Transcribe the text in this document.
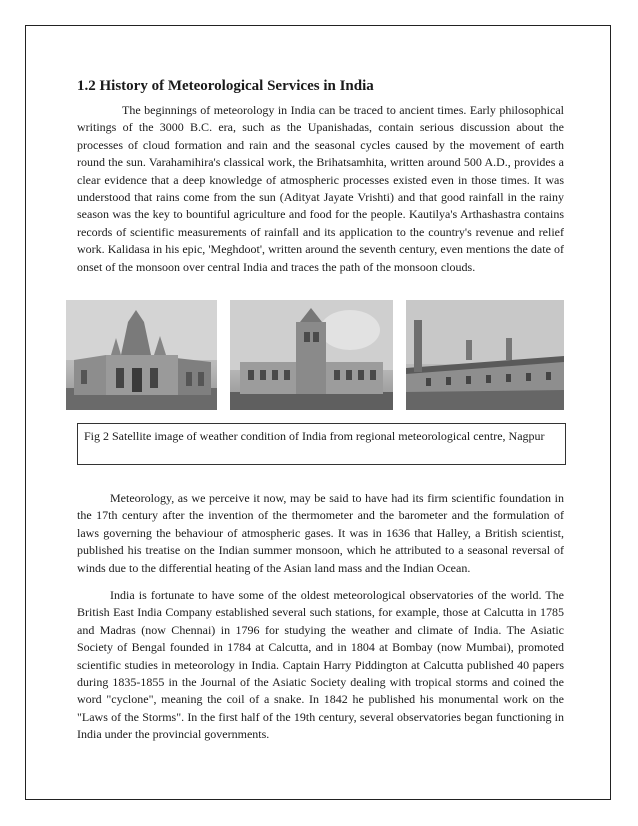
1.2 History of Meteorological Services in India

The beginnings of meteorology in India can be traced to ancient times. Early philosophical writings of the 3000 B.C. era, such as the Upanishadas, contain serious discussion about the processes of cloud formation and rain and the seasonal cycles caused by the movement of earth round the sun. Varahamihira's classical work, the Brihatsamhita, written around 500 A.D., provides a clear evidence that a deep knowledge of atmospheric processes existed even in those times. It was understood that rains come from the sun (Adityat Jayate Vrishti) and that good rainfall in the rainy season was the key to bountiful agriculture and food for the people. Kautilya's Arthashastra contains records of scientific measurements of rainfall and its application to the country's revenue and relief work. Kalidasa in his epic, 'Meghdoot', written around the seventh century, even mentions the date of onset of the monsoon over central India and traces the path of the monsoon clouds.

Fig 2 Satellite image of weather condition of India from regional meteorological centre, Nagpur

Meteorology, as we perceive it now, may be said to have had its firm scientific foundation in the 17th century after the invention of the thermometer and the barometer and the formulation of laws governing the behaviour of atmospheric gases. It was in 1636 that Halley, a British scientist, published his treatise on the Indian summer monsoon, which he attributed to a seasonal reversal of winds due to the differential heating of the Asian land mass and the Indian Ocean.

India is fortunate to have some of the oldest meteorological observatories of the world. The British East India Company established several such stations, for example, those at Calcutta in 1785 and Madras (now Chennai) in 1796 for studying the weather and climate of India. The Asiatic Society of Bengal founded in 1784 at Calcutta, and in 1804 at Bombay (now Mumbai), promoted scientific studies in meteorology in India. Captain Harry Piddington at Calcutta published 40 papers during 1835-1855 in the Journal of the Asiatic Society dealing with tropical storms and coined the word "cyclone", meaning the coil of a snake. In 1842 he published his monumental work on the "Laws of the Storms". In the first half of the 19th century, several observatories began functioning in India under the provincial governments.
